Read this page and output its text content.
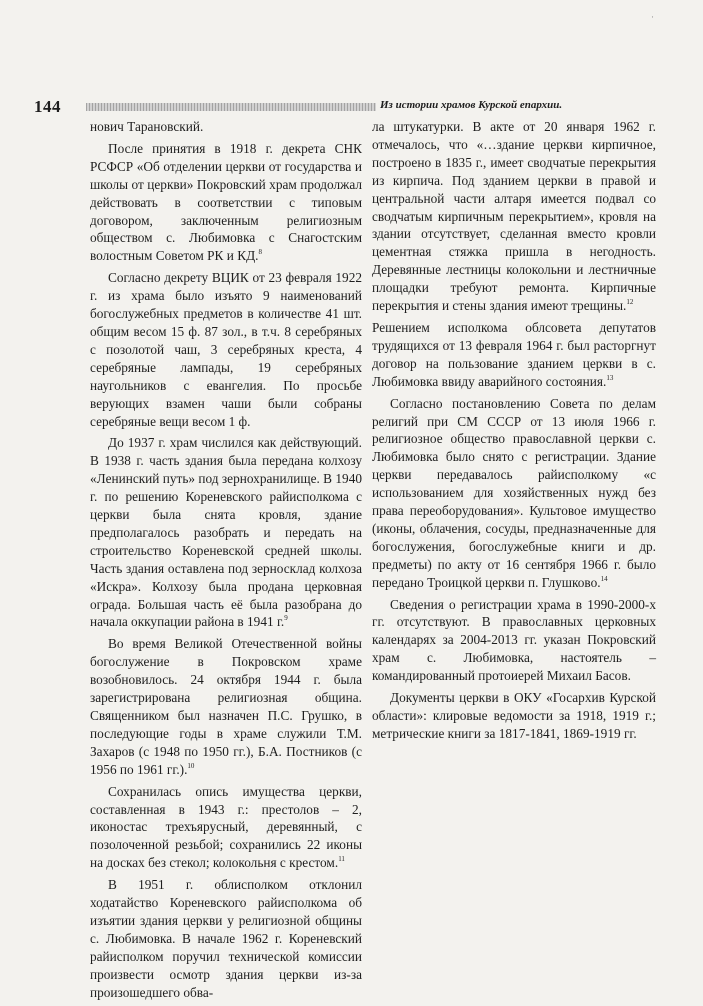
·
144	Из истории храмов Курской епархии.

нович Тарановский.

После принятия в 1918 г. декрета СНК РСФСР «Об отделении церкви от государства и школы от церкви» Покровский храм продолжал действовать в соответствии с типовым договором, заключенным религиозным обществом с. Любимовка с Снагостским волостным Советом РК и КД.$^8$

Согласно декрету ВЦИК от 23 февраля 1922 г. из храма было изъято 9 наименований богослужебных предметов в количестве 41 шт. общим весом 15 ф. 87 зол., в т.ч. 8 серебряных с позолотой чаш, 3 серебряных креста, 4 серебряные лампады, 19 серебряных наугольников с евангелия. По просьбе верующих взамен чаши были собраны серебряные вещи весом 1 ф.

До 1937 г. храм числился как действующий. В 1938 г. часть здания была передана колхозу «Ленинский путь» под зернохранилище. В 1940 г. по решению Кореневского райисполкома с церкви была снята кровля, здание предполагалось разобрать и передать на строительство Кореневской средней школы. Часть здания оставлена под зерносклад колхоза «Искра». Колхозу была продана церковная ограда. Большая часть её была разобрана до начала оккупации района в 1941 г.$^9$

Во время Великой Отечественной войны богослужение в Покровском храме возобновилось. 24 октября 1944 г. была зарегистрирована религиозная община. Священником был назначен П.С. Грушко, в последующие годы в храме служили Т.М. Захаров (с 1948 по 1950 гг.), Б.А. Постников (с 1956 по 1961 гг.).$^{10}$

Сохранилась опись имущества церкви, составленная в 1943 г.: престолов – 2, иконостас трехъярусный, деревянный, с позолоченной резьбой; сохранились 22 иконы на досках без стекол; колокольня с крестом.$^{11}$

В 1951 г. облисполком отклонил ходатайство Кореневского райисполкома об изъятии здания церкви у религиозной общины с. Любимовка. В начале 1962 г. Кореневский райисполком поручил технической комиссии произвести осмотр здания церкви из-за произошедшего обва-

ла штукатурки. В акте от 20 января 1962 г. отмечалось, что «…здание церкви кирпичное, построено в 1835 г., имеет сводчатые перекрытия из кирпича. Под зданием церкви в правой и центральной части алтаря имеется подвал со сводчатым кирпичным перекрытием», кровля на здании отсутствует, сделанная вместо кровли цементная стяжка пришла в негодность. Деревянные лестницы колокольни и лестничные площадки требуют ремонта. Кирпичные перекрытия и стены здания имеют трещины.$^{12}$

Решением исполкома облсовета депутатов трудящихся от 13 февраля 1964 г. был расторгнут договор на пользование зданием церкви в с. Любимовка ввиду аварийного состояния.$^{13}$

Согласно постановлению Совета по делам религий при СМ СССР от 13 июля 1966 г. религиозное общество православной церкви с. Любимовка было снято с регистрации. Здание церкви передавалось райисполкому «с использованием для хозяйственных нужд без права переоборудования». Культовое имущество (иконы, облачения, сосуды, предназначенные для богослужения, богослужебные книги и др. предметы) по акту от 16 сентября 1966 г. было передано Троицкой церкви п. Глушково.$^{14}$

Сведения о регистрации храма в 1990-2000-х гг. отсутствуют. В православных церковных календарях за 2004-2013 гг. указан Покровский храм с. Любимовка, настоятель – командированный протоиерей Михаил Басов.

Документы церкви в ОКУ «Госархив Курской области»: клировые ведомости за 1918, 1919 г.; метрические книги за 1817-1841, 1869-1919 гг.
